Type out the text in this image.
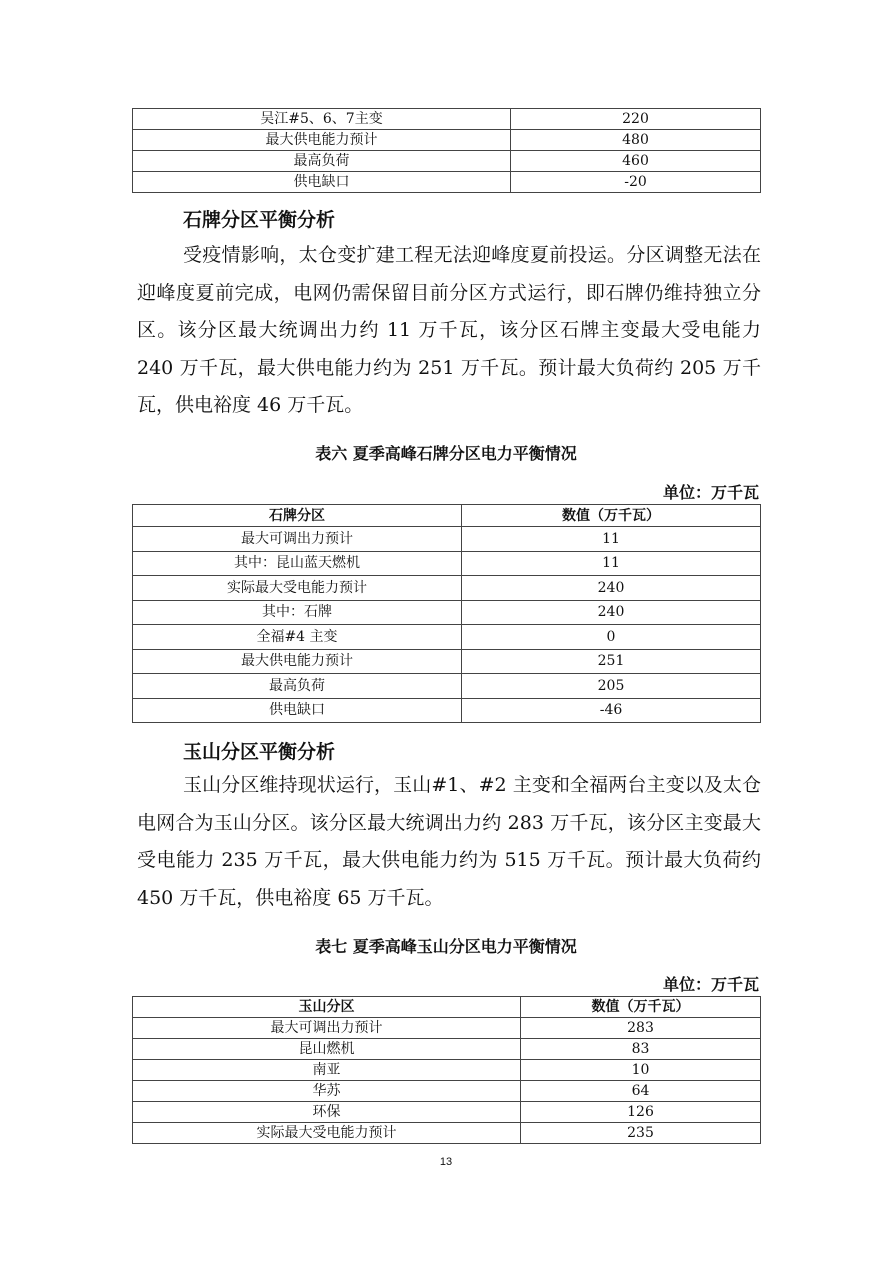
吴江#5、6、7主变	220
最大供电能力预计	480
最高负荷	460
供电缺口	-20
石牌分区平衡分析

受疫情影响，太仓变扩建工程无法迎峰度夏前投运。分区调整无法在迎峰度夏前完成，电网仍需保留目前分区方式运行，即石牌仍维持独立分区。该分区最大统调出力约 11 万千瓦，该分区石牌主变最大受电能力 240 万千瓦，最大供电能力约为 251 万千瓦。预计最大负荷约 205 万千瓦，供电裕度 46 万千瓦。

表六 夏季高峰石牌分区电力平衡情况
单位：万千瓦
石牌分区	数值（万千瓦）
最大可调出力预计	11
其中：昆山蓝天燃机	11
实际最大受电能力预计	240
其中：石牌	240
全福#4 主变	0
最大供电能力预计	251
最高负荷	205
供电缺口	-46
玉山分区平衡分析

玉山分区维持现状运行，玉山#1、#2 主变和全福两台主变以及太仓电网合为玉山分区。该分区最大统调出力约 283 万千瓦，该分区主变最大受电能力 235 万千瓦，最大供电能力约为 515 万千瓦。预计最大负荷约 450 万千瓦，供电裕度 65 万千瓦。

表七 夏季高峰玉山分区电力平衡情况
单位：万千瓦
玉山分区	数值（万千瓦）
最大可调出力预计	283
昆山燃机	83
南亚	10
华苏	64
环保	126
实际最大受电能力预计	235
13
